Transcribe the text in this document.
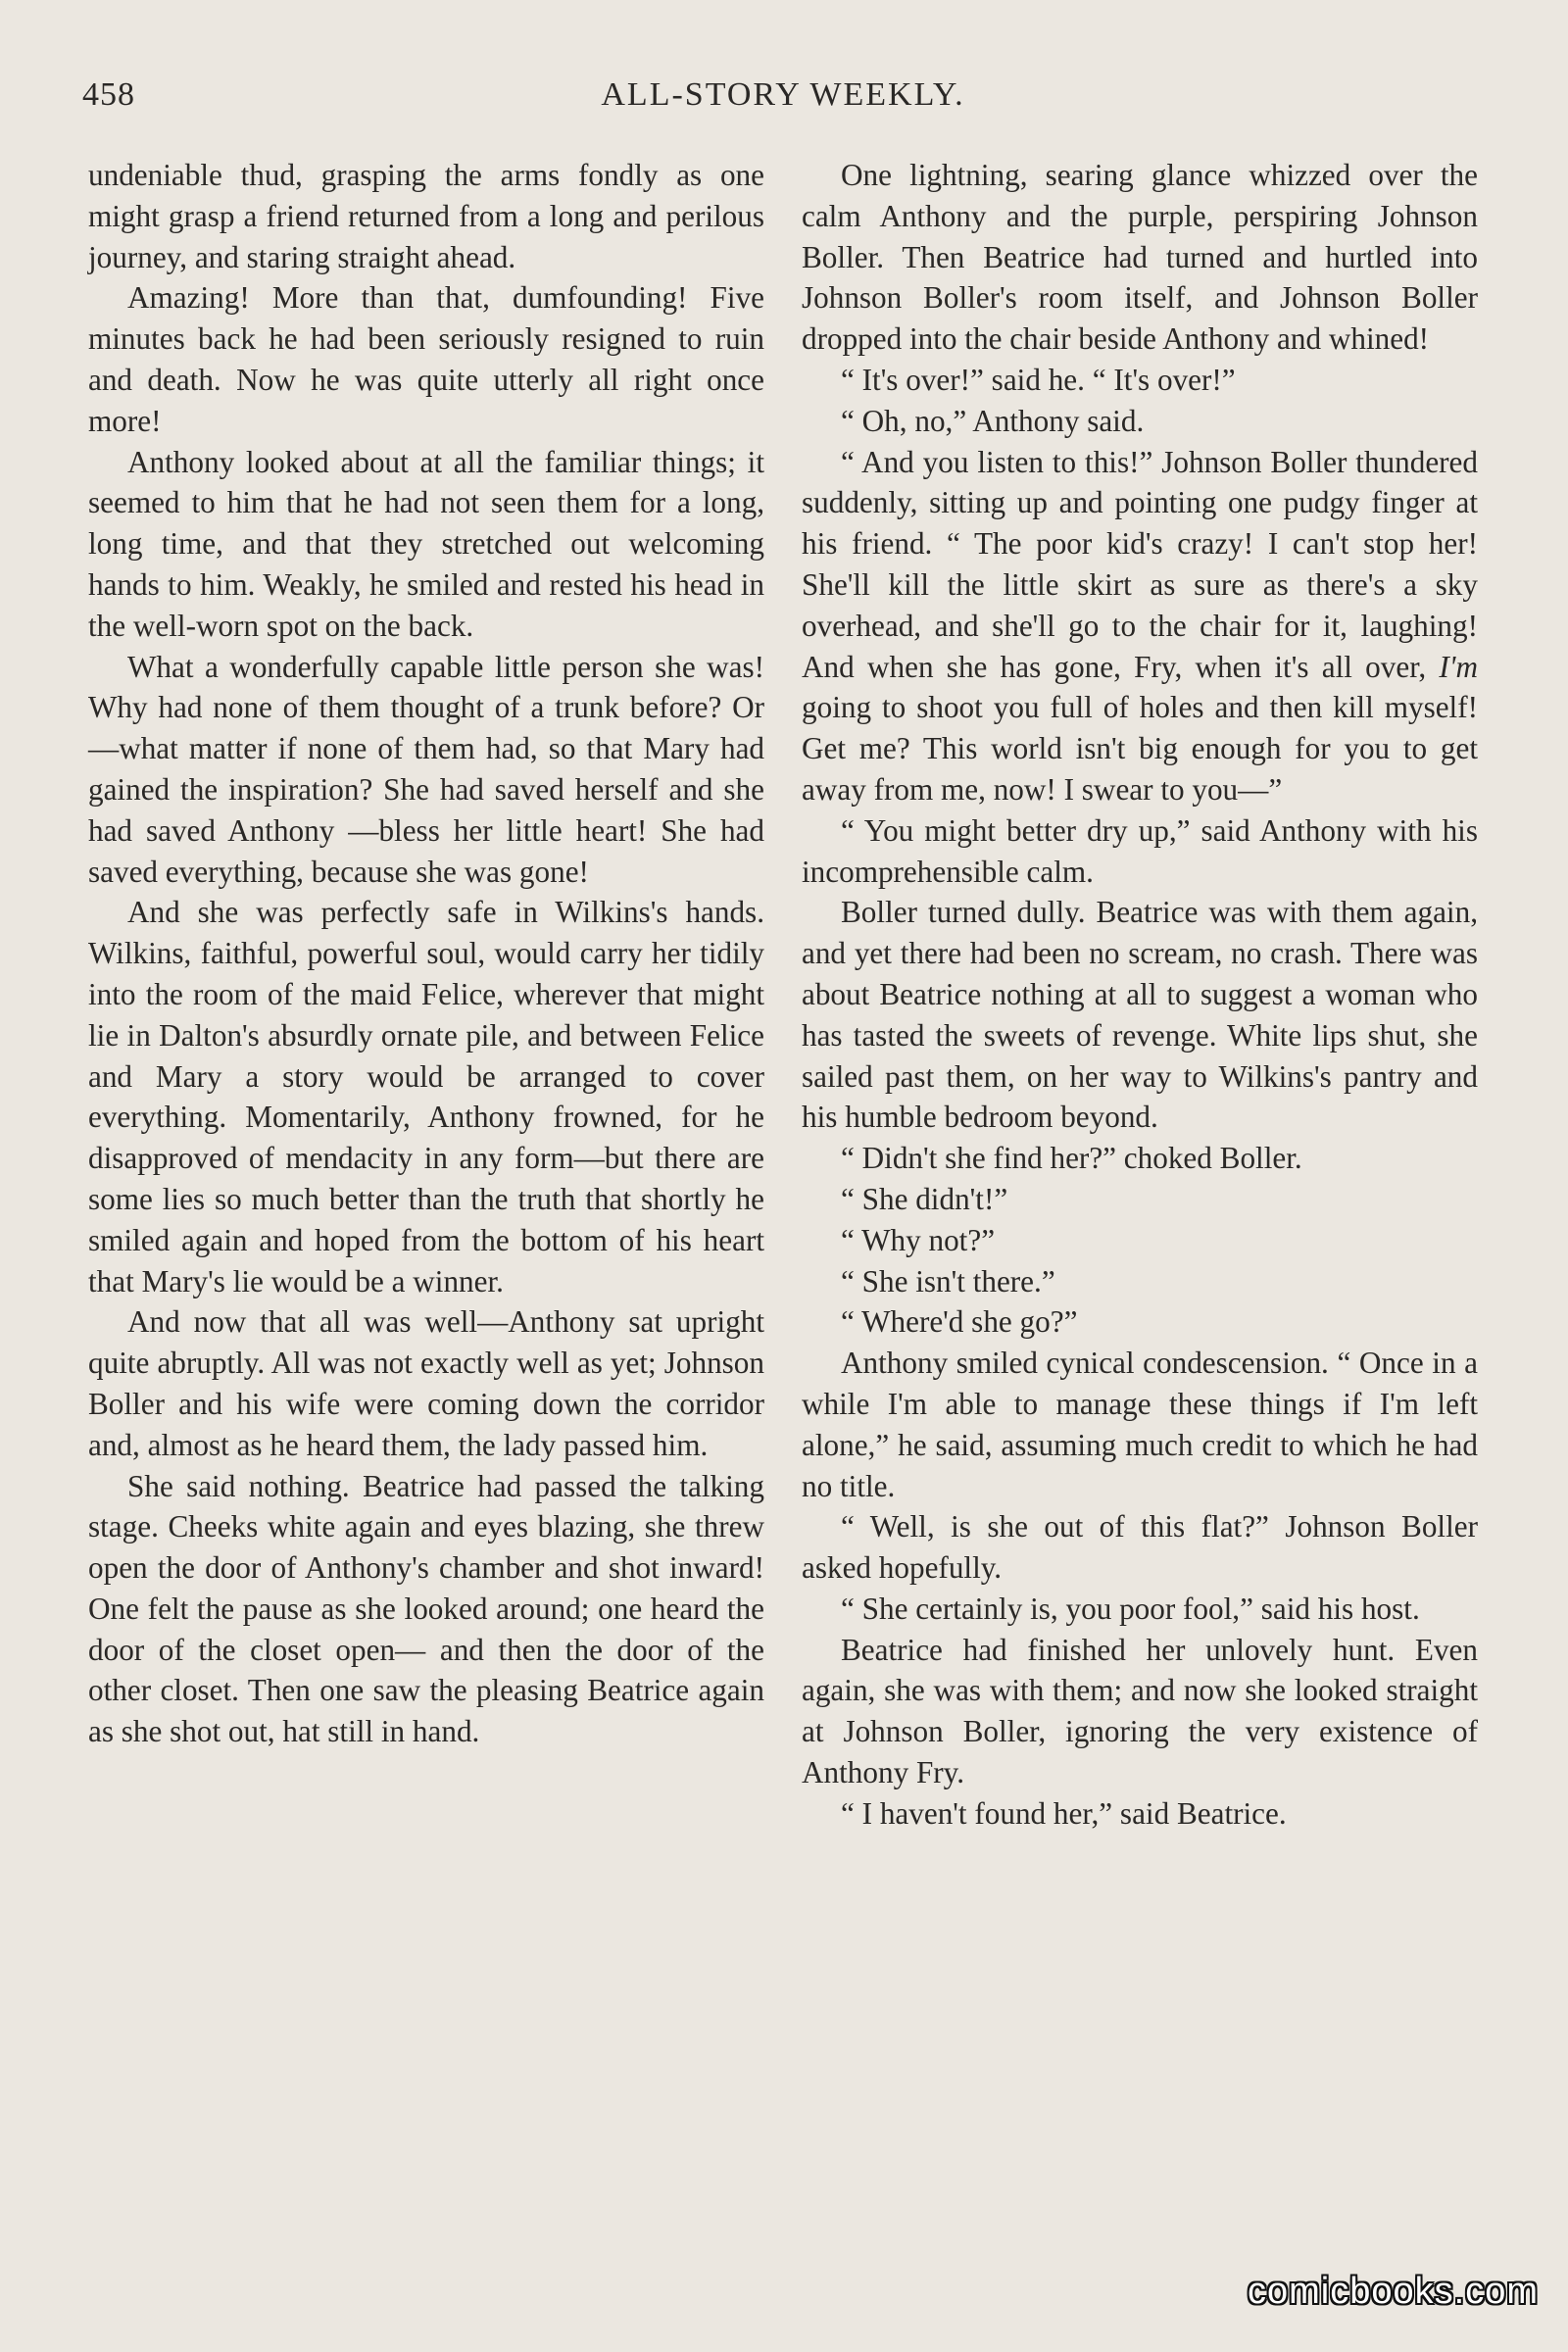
458	ALL-STORY WEEKLY.

undeniable thud, grasping the arms fondly as one might grasp a friend returned from a long and perilous journey, and staring straight ahead.

Amazing! More than that, dumfounding! Five minutes back he had been seriously resigned to ruin and death. Now he was quite utterly all right once more!

Anthony looked about at all the familiar things; it seemed to him that he had not seen them for a long, long time, and that they stretched out welcoming hands to him. Weakly, he smiled and rested his head in the well-worn spot on the back.

What a wonderfully capable little person she was! Why had none of them thought of a trunk before? Or—what matter if none of them had, so that Mary had gained the inspiration? She had saved herself and she had saved Anthony —bless her little heart! She had saved everything, because she was gone!

And she was perfectly safe in Wilkins's hands. Wilkins, faithful, powerful soul, would carry her tidily into the room of the maid Felice, wherever that might lie in Dalton's absurdly ornate pile, and between Felice and Mary a story would be arranged to cover everything. Momentarily, Anthony frowned, for he disapproved of mendacity in any form—but there are some lies so much better than the truth that shortly he smiled again and hoped from the bottom of his heart that Mary's lie would be a winner.

And now that all was well—Anthony sat upright quite abruptly. All was not exactly well as yet; Johnson Boller and his wife were coming down the corridor and, almost as he heard them, the lady passed him.

She said nothing. Beatrice had passed the talking stage. Cheeks white again and eyes blazing, she threw open the door of Anthony's chamber and shot inward! One felt the pause as she looked around; one heard the door of the closet open— and then the door of the other closet. Then one saw the pleasing Beatrice again as she shot out, hat still in hand.

One lightning, searing glance whizzed over the calm Anthony and the purple, perspiring Johnson Boller. Then Beatrice had turned and hurtled into Johnson Boller's room itself, and Johnson Boller dropped into the chair beside Anthony and whined!

“ It's over!” said he. “ It's over!”

“ Oh, no,” Anthony said.

“ And you listen to this!” Johnson Boller thundered suddenly, sitting up and pointing one pudgy finger at his friend. “ The poor kid's crazy! I can't stop her! She'll kill the little skirt as sure as there's a sky overhead, and she'll go to the chair for it, laughing! And when she has gone, Fry, when it's all over, I'm going to shoot you full of holes and then kill myself! Get me? This world isn't big enough for you to get away from me, now! I swear to you—”

“ You might better dry up,” said Anthony with his incomprehensible calm.

Boller turned dully. Beatrice was with them again, and yet there had been no scream, no crash. There was about Beatrice nothing at all to suggest a woman who has tasted the sweets of revenge. White lips shut, she sailed past them, on her way to Wilkins's pantry and his humble bedroom beyond.

“ Didn't she find her?” choked Boller.

“ She didn't!”

“ Why not?”

“ She isn't there.”

“ Where'd she go?”

Anthony smiled cynical condescension. “ Once in a while I'm able to manage these things if I'm left alone,” he said, assuming much credit to which he had no title.

“ Well, is she out of this flat?” Johnson Boller asked hopefully.

“ She certainly is, you poor fool,” said his host.

Beatrice had finished her unlovely hunt. Even again, she was with them; and now she looked straight at Johnson Boller, ignoring the very existence of Anthony Fry.

“ I haven't found her,” said Beatrice.

comicbooks.com
